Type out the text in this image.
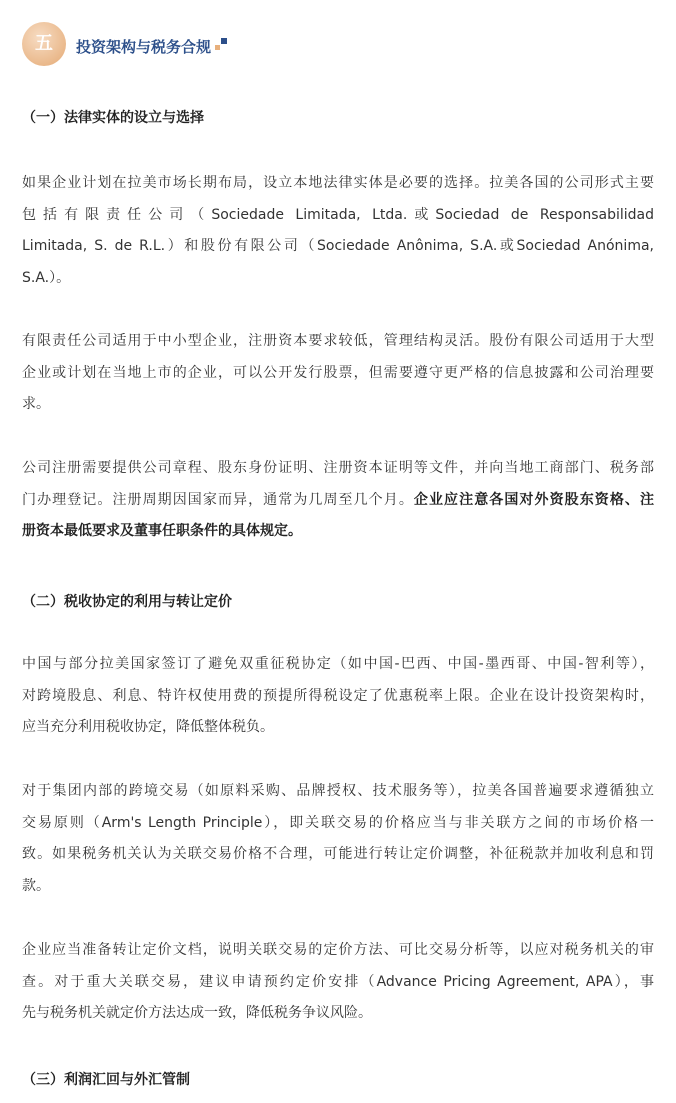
五	投资架构与税务合规
（一）法律实体的设立与选择
如果企业计划在拉美市场长期布局，设立本地法律实体是必要的选择。拉美各国的公司形式主要
包括有限责任公司（Sociedade Limitada, Ltda.或Sociedad de Responsabilidad
Limitada, S. de R.L.）和股份有限公司（Sociedade Anônima, S.A.或Sociedad Anónima,
S.A.）。
有限责任公司适用于中小型企业，注册资本要求较低，管理结构灵活。股份有限公司适用于大型
企业或计划在当地上市的企业，可以公开发行股票，但需要遵守更严格的信息披露和公司治理要
求。
公司注册需要提供公司章程、股东身份证明、注册资本证明等文件，并向当地工商部门、税务部
门办理登记。注册周期因国家而异，通常为几周至几个月。企业应注意各国对外资股东资格、注
册资本最低要求及董事任职条件的具体规定。
（二）税收协定的利用与转让定价
中国与部分拉美国家签订了避免双重征税协定（如中国-巴西、中国-墨西哥、中国-智利等），
对跨境股息、利息、特许权使用费的预提所得税设定了优惠税率上限。企业在设计投资架构时，
应当充分利用税收协定，降低整体税负。
对于集团内部的跨境交易（如原料采购、品牌授权、技术服务等），拉美各国普遍要求遵循独立
交易原则（Arm's Length Principle），即关联交易的价格应当与非关联方之间的市场价格一
致。如果税务机关认为关联交易价格不合理，可能进行转让定价调整，补征税款并加收利息和罚
款。
企业应当准备转让定价文档，说明关联交易的定价方法、可比交易分析等，以应对税务机关的审
查。对于重大关联交易，建议申请预约定价安排（Advance Pricing Agreement, APA），事
先与税务机关就定价方法达成一致，降低税务争议风险。
（三）利润汇回与外汇管制
